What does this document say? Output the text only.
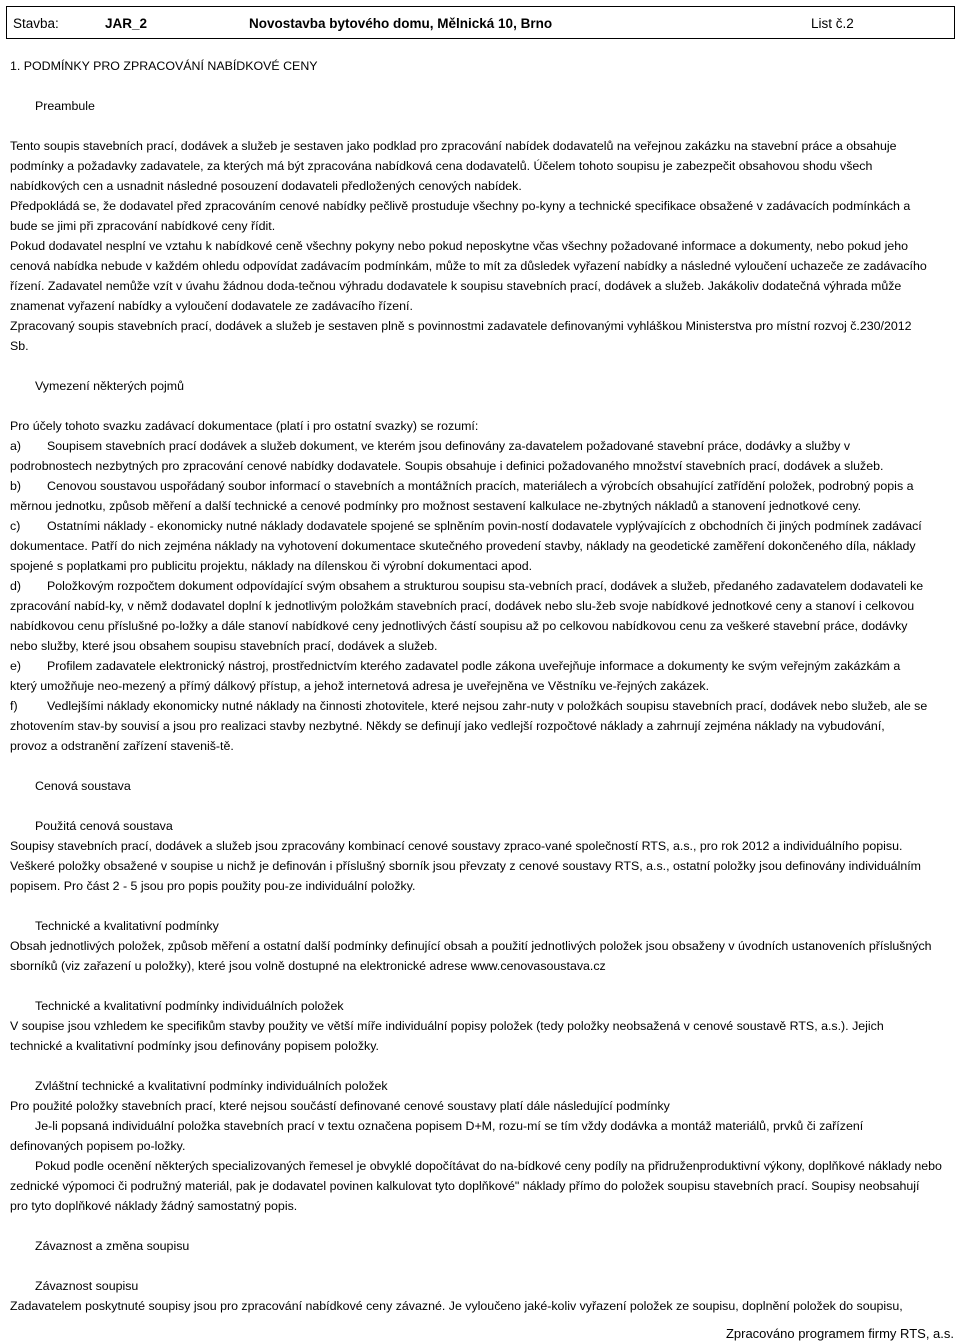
Stavba:	JAR_2	Novostavba bytového domu, Mělnická 10, Brno	List č.2
1. PODMÍNKY PRO ZPRACOVÁNÍ NABÍDKOVÉ CENY
Preambule
Tento soupis stavebních prací, dodávek a služeb je sestaven jako podklad pro zpracování nabídek dodavatelů na veřejnou zakázku na stavební práce a obsahuje
podmínky a požadavky zadavatele, za kterých má být zpracována nabídková cena dodavatelů. Účelem tohoto soupisu je zabezpečit obsahovou shodu všech
nabídkových cen a usnadnit následné posouzení dodavateli předložených cenových nabídek.
Předpokládá se, že dodavatel před zpracováním cenové nabídky pečlivě prostuduje všechny po-kyny a technické specifikace obsažené v zadávacích podmínkách a
bude se jimi při zpracování nabídkové ceny řídit.
Pokud dodavatel nesplní ve vztahu k nabídkové ceně všechny pokyny nebo pokud neposkytne včas všechny požadované informace a dokumenty, nebo pokud jeho
cenová nabídka nebude v každém ohledu odpovídat zadávacím podmínkám, může to mít za důsledek vyřazení nabídky a následné vyloučení uchazeče ze zadávacího
řízení. Zadavatel nemůže vzít v úvahu žádnou doda-tečnou výhradu dodavatele k soupisu stavebních prací, dodávek a služeb. Jakákoliv dodatečná výhrada může
znamenat vyřazení nabídky a vyloučení dodavatele ze zadávacího řízení.
Zpracovaný soupis stavebních prací, dodávek a služeb je sestaven plně s povinnostmi zadavatele definovanými vyhláškou Ministerstva pro místní rozvoj č.230/2012
Sb.
Vymezení některých pojmů
Pro účely tohoto svazku zadávací dokumentace (platí i pro ostatní svazky) se rozumí:
a) Soupisem stavebních prací dodávek a služeb dokument, ve kterém jsou definovány za-davatelem požadované stavební práce, dodávky a služby v
podrobnostech nezbytných pro zpracování cenové nabídky dodavatele. Soupis obsahuje i definici požadovaného množství stavebních prací, dodávek a služeb.
b) Cenovou soustavou uspořádaný soubor informací o stavebních a montážních pracích, materiálech a výrobcích obsahující zatřídění položek, podrobný popis a
měrnou jednotku, způsob měření a další technické a cenové podmínky pro možnost sestavení kalkulace ne-zbytných nákladů a stanovení jednotkové ceny.
c) Ostatními náklady - ekonomicky nutné náklady dodavatele spojené se splněním povin-ností dodavatele vyplývajících z obchodních či jiných podmínek zadávací
dokumentace. Patří do nich zejména náklady na vyhotovení dokumentace skutečného provedení stavby, náklady na geodetické zaměření dokončeného díla, náklady
spojené s poplatkami pro publicitu projektu, náklady na dílenskou či výrobní dokumentaci apod.
d) Položkovým rozpočtem dokument odpovídající svým obsahem a strukturou soupisu sta-vebních prací, dodávek a služeb, předaného zadavatelem dodavateli ke
zpracování nabíd-ky, v němž dodavatel doplní k jednotlivým položkám stavebních prací, dodávek nebo slu-žeb svoje nabídkové jednotkové ceny a stanoví i celkovou
nabídkovou cenu příslušné po-ložky a dále stanoví nabídkové ceny jednotlivých částí soupisu až po celkovou nabídkovou cenu za veškeré stavební práce, dodávky
nebo služby, které jsou obsahem soupisu stavebních prací, dodávek a služeb.
e) Profilem zadavatele elektronický nástroj, prostřednictvím kterého zadavatel podle zákona uveřejňuje informace a dokumenty ke svým veřejným zakázkám a
který umožňuje neo-mezený a přímý dálkový přístup, a jehož internetová adresa je uveřejněna ve Věstníku ve-řejných zakázek.
f) Vedlejšími náklady ekonomicky nutné náklady na činnosti zhotovitele, které nejsou zahr-nuty v položkách soupisu stavebních prací, dodávek nebo služeb, ale se
zhotovením stav-by souvisí a jsou pro realizaci stavby nezbytné. Někdy se definují jako vedlejší rozpočtové náklady a zahrnují zejména náklady na vybudování,
provoz a odstranění zařízení staveniš-tě.
Cenová soustava
Použitá cenová soustava
Soupisy stavebních prací, dodávek a služeb jsou zpracovány kombinací cenové soustavy zpraco-vané společností RTS, a.s., pro rok 2012 a individuálního popisu.
Veškeré položky obsažené v soupise u nichž je definován i příslušný sborník jsou převzaty z cenové soustavy RTS, a.s., ostatní položky jsou definovány individuálním
popisem. Pro část 2 - 5 jsou pro popis použity pou-ze individuální položky.
Technické a kvalitativní podmínky
Obsah jednotlivých položek, způsob měření a ostatní další podmínky definující obsah a použití jednotlivých položek jsou obsaženy v úvodních ustanoveních příslušných
sborníků (viz zařazení u položky), které jsou volně dostupné na elektronické adrese www.cenovasoustava.cz
Technické a kvalitativní podmínky individuálních položek
V soupise jsou vzhledem ke specifikům stavby použity ve větší míře individuální popisy položek (tedy položky neobsažená v cenové soustavě RTS, a.s.). Jejich
technické a kvalitativní podmínky jsou definovány popisem položky.
Zvláštní technické a kvalitativní podmínky individuálních položek
Pro použité položky stavebních prací, které nejsou součástí definované cenové soustavy platí dále následující podmínky
Je-li popsaná individuální položka stavebních prací v textu označena popisem D+M, rozu-mí se tím vždy dodávka a montáž materiálů, prvků či zařízení
definovaných popisem po-ložky.
Pokud podle ocenění některých specializovaných řemesel je obvyklé dopočítávat do na-bídkové ceny podíly na přidruženproduktivní výkony, doplňkové náklady nebo
zednické výpomoci či podružný materiál, pak je dodavatel povinen kalkulovat tyto doplňkové" náklady přímo do položek soupisu stavebních prací. Soupisy neobsahují
pro tyto doplňkové náklady žádný samostatný popis.
Závaznost a změna soupisu
Závaznost soupisu
Zadavatelem poskytnuté soupisy jsou pro zpracování nabídkové ceny závazné. Je vyloučeno jaké-koliv vyřazení položek ze soupisu, doplnění položek do soupisu,
Zpracováno programem firmy RTS, a.s.
